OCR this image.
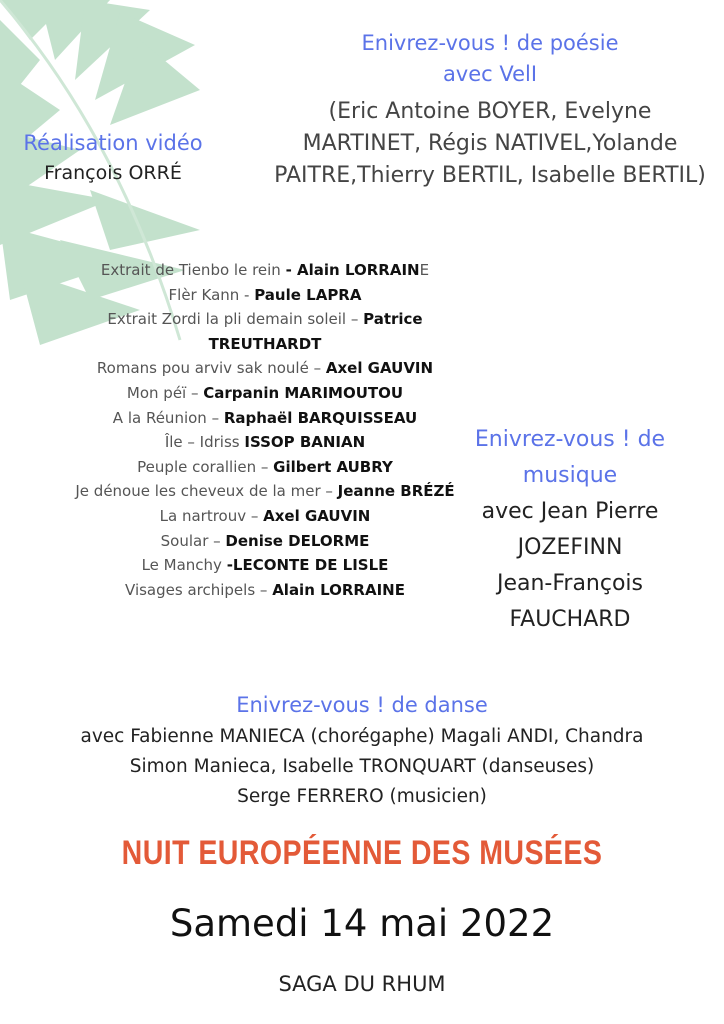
Enivrez-vous ! de poésie
avec VelI
(Eric Antoine BOYER, Evelyne MARTINET, Régis NATIVEL,Yolande PAITRE,Thierry BERTIL, Isabelle BERTIL)
Réalisation vidéo
François ORRÉ
Extrait de Tienbo le rein - Alain LORRAINE
Flèr Kann - Paule LAPRA
Extrait Zordi la pli demain soleil – Patrice TREUTHARDT
Romans pou arviv sak noulé – Axel GAUVIN
Mon péï – Carpanin MARIMOUTOU
A la Réunion – Raphaël BARQUISSEAU
Île – Idriss ISSOP BANIAN
Peuple corallien – Gilbert AUBRY
Je dénoue les cheveux de la mer – Jeanne BRÉZÉ
La nartrouv – Axel GAUVIN
Soular – Denise DELORME
Le Manchy -LECONTE DE LISLE
Visages archipels – Alain LORRAINE
Enivrez-vous ! de
musique
avec Jean Pierre
JOZEFINN
Jean-François
FAUCHARD
Enivrez-vous ! de danse
avec Fabienne MANIECA (chorégaphe) Magali ANDI, Chandra
Simon Manieca, Isabelle TRONQUART (danseuses)
Serge FERRERO (musicien)
NUIT EUROPÉENNE DES MUSÉES
Samedi 14 mai 2022
SAGA DU RHUM
